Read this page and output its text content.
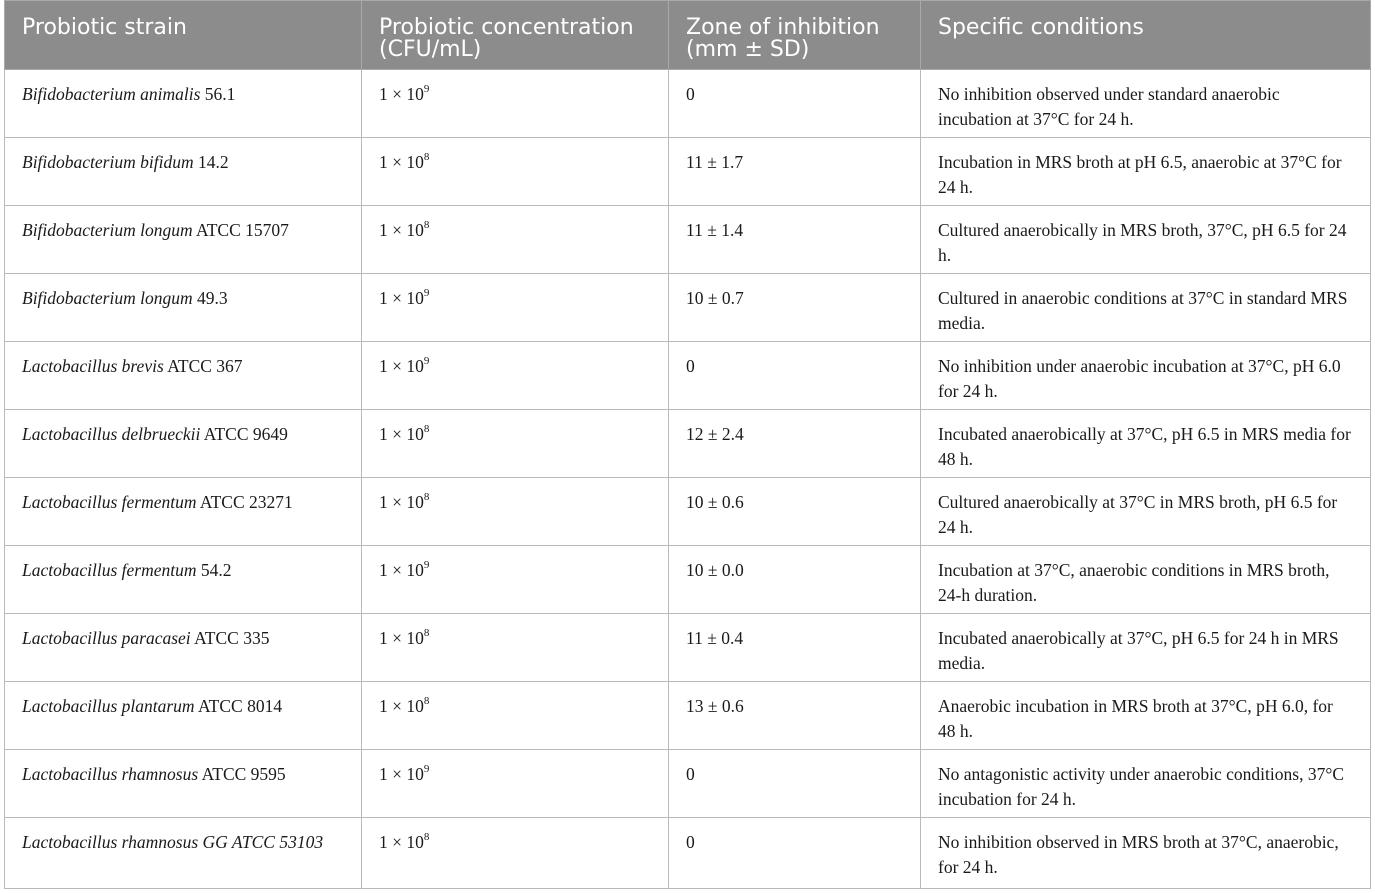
Probiotic strain	Probiotic concentration (CFU/mL)	Zone of inhibition (mm ± SD)	Specific conditions
Bifidobacterium animalis 56.1	$1 \times 10^9$	0	No inhibition observed under standard anaerobic incubation at 37°C for 24 h.
Bifidobacterium bifidum 14.2	$1 \times 10^8$	11 ± 1.7	Incubation in MRS broth at pH 6.5, anaerobic at 37°C for 24 h.
Bifidobacterium longum ATCC 15707	$1 \times 10^8$	11 ± 1.4	Cultured anaerobically in MRS broth, 37°C, pH 6.5 for 24 h.
Bifidobacterium longum 49.3	$1 \times 10^9$	10 ± 0.7	Cultured in anaerobic conditions at 37°C in standard MRS media.
Lactobacillus brevis ATCC 367	$1 \times 10^9$	0	No inhibition under anaerobic incubation at 37°C, pH 6.0 for 24 h.
Lactobacillus delbrueckii ATCC 9649	$1 \times 10^8$	12 ± 2.4	Incubated anaerobically at 37°C, pH 6.5 in MRS media for 48 h.
Lactobacillus fermentum ATCC 23271	$1 \times 10^8$	10 ± 0.6	Cultured anaerobically at 37°C in MRS broth, pH 6.5 for 24 h.
Lactobacillus fermentum 54.2	$1 \times 10^9$	10 ± 0.0	Incubation at 37°C, anaerobic conditions in MRS broth, 24-h duration.
Lactobacillus paracasei ATCC 335	$1 \times 10^8$	11 ± 0.4	Incubated anaerobically at 37°C, pH 6.5 for 24 h in MRS media.
Lactobacillus plantarum ATCC 8014	$1 \times 10^8$	13 ± 0.6	Anaerobic incubation in MRS broth at 37°C, pH 6.0, for 48 h.
Lactobacillus rhamnosus ATCC 9595	$1 \times 10^9$	0	No antagonistic activity under anaerobic conditions, 37°C incubation for 24 h.
Lactobacillus rhamnosus GG ATCC 53103	$1 \times 10^8$	0	No inhibition observed in MRS broth at 37°C, anaerobic, for 24 h.
